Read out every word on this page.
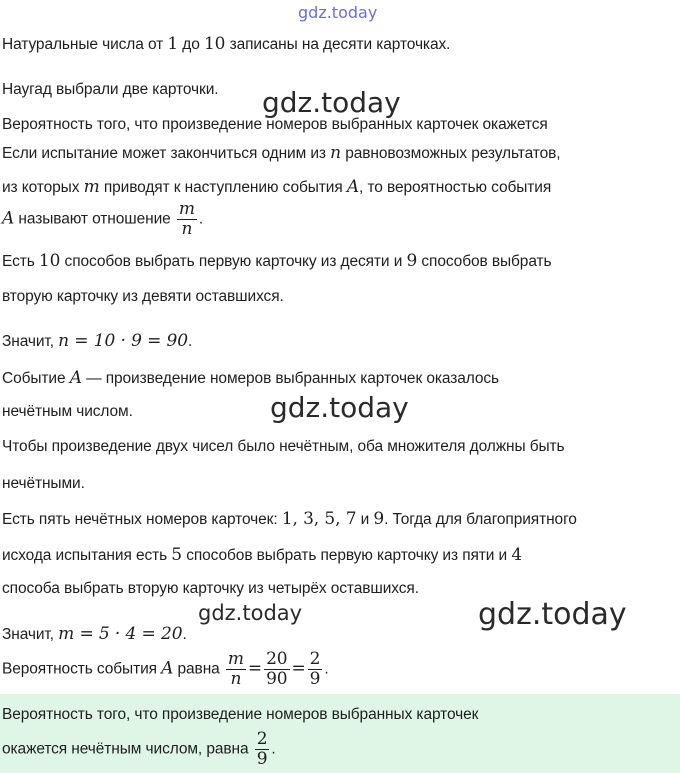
gdz.today
Натуральные числа от 1 до 10 записаны на десяти карточках.
Наугад выбрали две карточки. gdz.today
Вероятность того, что произведение номеров выбранных карточек окажется
Если испытание может закончиться одним из n равновозможных результатов,
из которых m приводят к наступлению события A, то вероятностью события
A называют отношение $\frac{m}{n}$ .
Есть 10 способов выбрать первую карточку из десяти и 9 способов выбрать
вторую карточку из девяти оставшихся.
Значит, n = 10 · 9 = 90.
Событие A — произведение номеров выбранных карточек оказалось
нечётным числом.	gdz.today
Чтобы произведение двух чисел было нечётным, оба множителя должны быть
нечётными.
Есть пять нечётных номеров карточек: 1, 3, 5, 7 и 9. Тогда для благоприятного
исхода испытания есть 5 способов выбрать первую карточку из пяти и 4
способа выбрать вторую карточку из четырёх оставшихся.
gdz.today	gdz.today
Значит, m = 5 · 4 = 20.
Вероятность события A равна $\frac{m}{n} = \frac{20}{90} = \frac{2}{9}$ .
Вероятность того, что произведение номеров выбранных карточек
окажется нечётным числом, равна $\frac{2}{9}$ .
